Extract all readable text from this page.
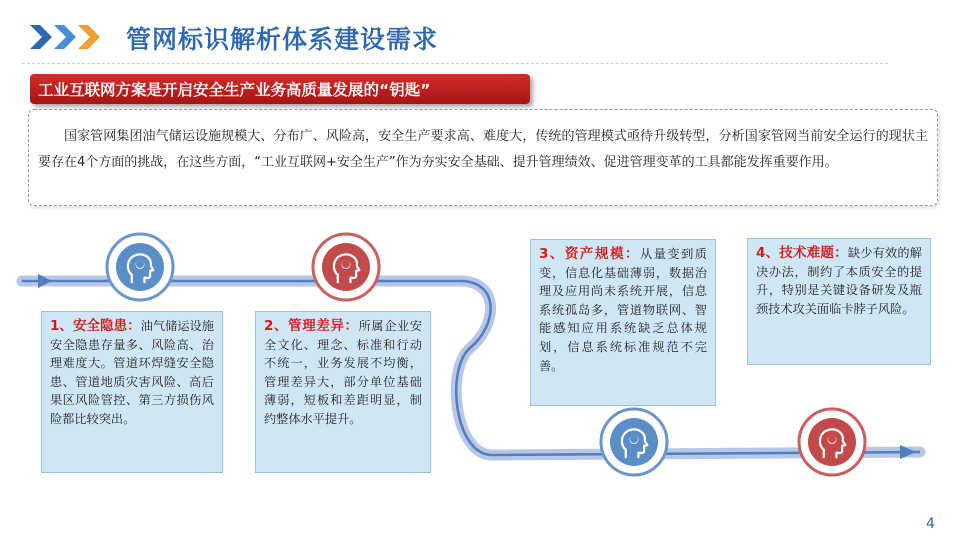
管网标识解析体系建设需求
工业互联网方案是开启安全生产业务高质量发展的“钥匙”
国家管网集团油气储运设施规模大、分布广、风险高，安全生产要求高、难度大，传统的管理模式亟待升级转型，分析国家管网当前安全运行的现状主要存在4个方面的挑战，在这些方面，“工业互联网+安全生产”作为夯实安全基础、提升管理绩效、促进管理变革的工具都能发挥重要作用。
1、安全隐患：油气储运设施安全隐患存量多、风险高、治理难度大。管道环焊缝安全隐患、管道地质灾害风险、高后果区风险管控、第三方损伤风险都比较突出。
2、管理差异：所属企业安全文化、理念、标准和行动不统一，业务发展不均衡，管理差异大，部分单位基础薄弱，短板和差距明显，制约整体水平提升。
3、资产规模：从量变到质变，信息化基础薄弱，数据治理及应用尚未系统开展，信息系统孤岛多，管道物联网、智能感知应用系统缺乏总体规划，信息系统标准规范不完善。
4、技术难题：缺少有效的解决办法，制约了本质安全的提升，特别是关键设备研发及瓶颈技术攻关面临卡脖子风险。
4
